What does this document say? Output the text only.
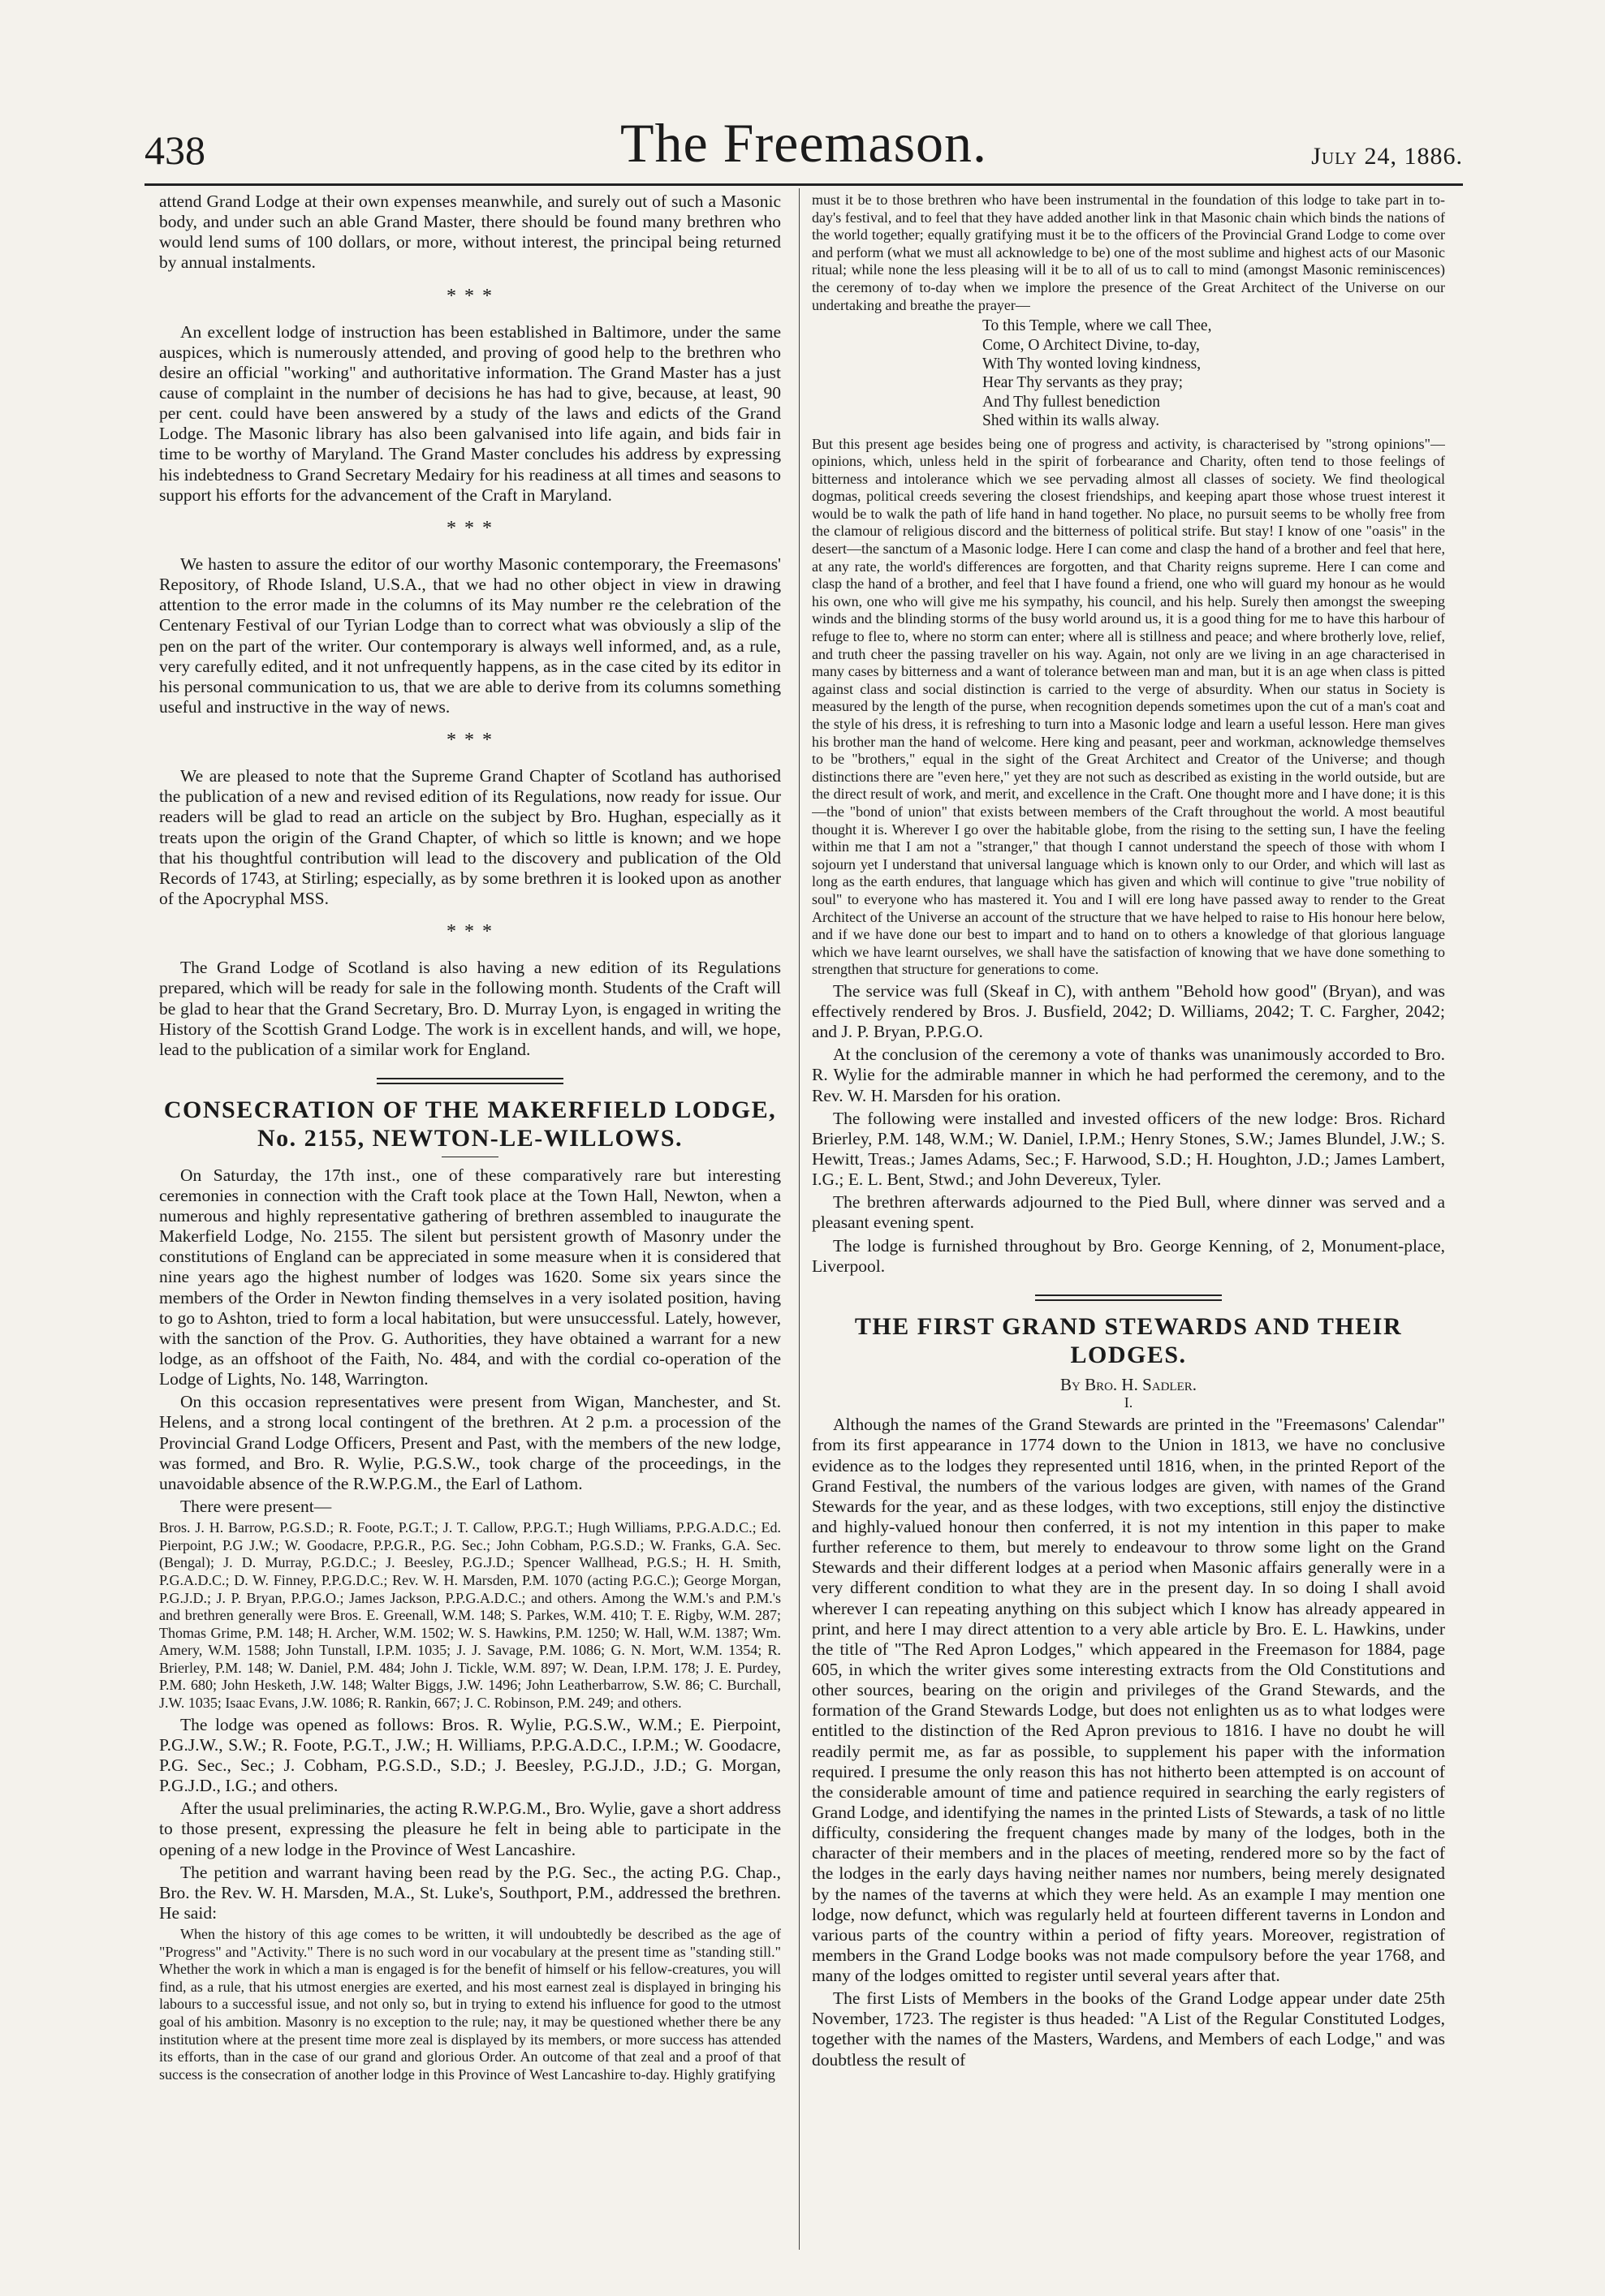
438	The Freemason.	July 24, 1886.

attend Grand Lodge at their own expenses meanwhile, and surely out of such a Masonic body, and under such an able Grand Master, there should be found many brethren who would lend sums of 100 dollars, or more, without interest, the principal being returned by annual instalments.

* * *

An excellent lodge of instruction has been established in Baltimore, under the same auspices, which is numerously attended, and proving of good help to the brethren who desire an official "working" and authoritative information. The Grand Master has a just cause of complaint in the number of decisions he has had to give, because, at least, 90 per cent. could have been answered by a study of the laws and edicts of the Grand Lodge. The Masonic library has also been galvanised into life again, and bids fair in time to be worthy of Maryland. The Grand Master concludes his address by expressing his indebtedness to Grand Secretary Medairy for his readiness at all times and seasons to support his efforts for the advancement of the Craft in Maryland.

* * *

We hasten to assure the editor of our worthy Masonic contemporary, the Freemasons' Repository, of Rhode Island, U.S.A., that we had no other object in view in drawing attention to the error made in the columns of its May number re the celebration of the Centenary Festival of our Tyrian Lodge than to correct what was obviously a slip of the pen on the part of the writer. Our contemporary is always well informed, and, as a rule, very carefully edited, and it not unfrequently happens, as in the case cited by its editor in his personal communication to us, that we are able to derive from its columns something useful and instructive in the way of news.

* * *

We are pleased to note that the Supreme Grand Chapter of Scotland has authorised the publication of a new and revised edition of its Regulations, now ready for issue. Our readers will be glad to read an article on the subject by Bro. Hughan, especially as it treats upon the origin of the Grand Chapter, of which so little is known; and we hope that his thoughtful contribution will lead to the discovery and publication of the Old Records of 1743, at Stirling; especially, as by some brethren it is looked upon as another of the Apocryphal MSS.

* * *

The Grand Lodge of Scotland is also having a new edition of its Regulations prepared, which will be ready for sale in the following month. Students of the Craft will be glad to hear that the Grand Secretary, Bro. D. Murray Lyon, is engaged in writing the History of the Scottish Grand Lodge. The work is in excellent hands, and will, we hope, lead to the publication of a similar work for England.

CONSECRATION OF THE MAKERFIELD LODGE,
No. 2155, NEWTON-LE-WILLOWS.

On Saturday, the 17th inst., one of these comparatively rare but interesting ceremonies in connection with the Craft took place at the Town Hall, Newton, when a numerous and highly representative gathering of brethren assembled to inaugurate the Makerfield Lodge, No. 2155. The silent but persistent growth of Masonry under the constitutions of England can be appreciated in some measure when it is considered that nine years ago the highest number of lodges was 1620. Some six years since the members of the Order in Newton finding themselves in a very isolated position, having to go to Ashton, tried to form a local habitation, but were unsuccessful. Lately, however, with the sanction of the Prov. G. Authorities, they have obtained a warrant for a new lodge, as an offshoot of the Faith, No. 484, and with the cordial co-operation of the Lodge of Lights, No. 148, Warrington.

On this occasion representatives were present from Wigan, Manchester, and St. Helens, and a strong local contingent of the brethren. At 2 p.m. a procession of the Provincial Grand Lodge Officers, Present and Past, with the members of the new lodge, was formed, and Bro. R. Wylie, P.G.S.W., took charge of the proceedings, in the unavoidable absence of the R.W.P.G.M., the Earl of Lathom.

There were present—

Bros. J. H. Barrow, P.G.S.D.; R. Foote, P.G.T.; J. T. Callow, P.P.G.T.; Hugh Williams, P.P.G.A.D.C.; Ed. Pierpoint, P.G J.W.; W. Goodacre, P.P.G.R., P.G. Sec.; John Cobham, P.G.S.D.; W. Franks, G.A. Sec. (Bengal); J. D. Murray, P.G.D.C.; J. Beesley, P.G.J.D.; Spencer Wallhead, P.G.S.; H. H. Smith, P.G.A.D.C.; D. W. Finney, P.P.G.D.C.; Rev. W. H. Marsden, P.M. 1070 (acting P.G.C.); George Morgan, P.G.J.D.; J. P. Bryan, P.P.G.O.; James Jackson, P.P.G.A.D.C.; and others. Among the W.M.'s and P.M.'s and brethren generally were Bros. E. Greenall, W.M. 148; S. Parkes, W.M. 410; T. E. Rigby, W.M. 287; Thomas Grime, P.M. 148; H. Archer, W.M. 1502; W. S. Hawkins, P.M. 1250; W. Hall, W.M. 1387; Wm. Amery, W.M. 1588; John Tunstall, I.P.M. 1035; J. J. Savage, P.M. 1086; G. N. Mort, W.M. 1354; R. Brierley, P.M. 148; W. Daniel, P.M. 484; John J. Tickle, W.M. 897; W. Dean, I.P.M. 178; J. E. Purdey, P.M. 680; John Hesketh, J.W. 148; Walter Biggs, J.W. 1496; John Leatherbarrow, S.W. 86; C. Burchall, J.W. 1035; Isaac Evans, J.W. 1086; R. Rankin, 667; J. C. Robinson, P.M. 249; and others.

The lodge was opened as follows: Bros. R. Wylie, P.G.S.W., W.M.; E. Pierpoint, P.G.J.W., S.W.; R. Foote, P.G.T., J.W.; H. Williams, P.P.G.A.D.C., I.P.M.; W. Goodacre, P.G. Sec., Sec.; J. Cobham, P.G.S.D., S.D.; J. Beesley, P.G.J.D., J.D.; G. Morgan, P.G.J.D., I.G.; and others.

After the usual preliminaries, the acting R.W.P.G.M., Bro. Wylie, gave a short address to those present, expressing the pleasure he felt in being able to participate in the opening of a new lodge in the Province of West Lancashire.

The petition and warrant having been read by the P.G. Sec., the acting P.G. Chap., Bro. the Rev. W. H. Marsden, M.A., St. Luke's, Southport, P.M., addressed the brethren. He said:

When the history of this age comes to be written, it will undoubtedly be described as the age of "Progress" and "Activity." There is no such word in our vocabulary at the present time as "standing still." Whether the work in which a man is engaged is for the benefit of himself or his fellow-creatures, you will find, as a rule, that his utmost energies are exerted, and his most earnest zeal is displayed in bringing his labours to a successful issue, and not only so, but in trying to extend his influence for good to the utmost goal of his ambition. Masonry is no exception to the rule; nay, it may be questioned whether there be any institution where at the present time more zeal is displayed by its members, or more success has attended its efforts, than in the case of our grand and glorious Order. An outcome of that zeal and a proof of that success is the consecration of another lodge in this Province of West Lancashire to-day. Highly gratifying

must it be to those brethren who have been instrumental in the foundation of this lodge to take part in to-day's festival, and to feel that they have added another link in that Masonic chain which binds the nations of the world together; equally gratifying must it be to the officers of the Provincial Grand Lodge to come over and perform (what we must all acknowledge to be) one of the most sublime and highest acts of our Masonic ritual; while none the less pleasing will it be to all of us to call to mind (amongst Masonic reminiscences) the ceremony of to-day when we implore the presence of the Great Architect of the Universe on our undertaking and breathe the prayer—

To this Temple, where we call Thee,
Come, O Architect Divine, to-day,
With Thy wonted loving kindness,
Hear Thy servants as they pray;
And Thy fullest benediction
Shed within its walls alway.

But this present age besides being one of progress and activity, is characterised by "strong opinions"—opinions, which, unless held in the spirit of forbearance and Charity, often tend to those feelings of bitterness and intolerance which we see pervading almost all classes of society. We find theological dogmas, political creeds severing the closest friendships, and keeping apart those whose truest interest it would be to walk the path of life hand in hand together. No place, no pursuit seems to be wholly free from the clamour of religious discord and the bitterness of political strife. But stay! I know of one "oasis" in the desert—the sanctum of a Masonic lodge. Here I can come and clasp the hand of a brother and feel that here, at any rate, the world's differences are forgotten, and that Charity reigns supreme. Here I can come and clasp the hand of a brother, and feel that I have found a friend, one who will guard my honour as he would his own, one who will give me his sympathy, his council, and his help. Surely then amongst the sweeping winds and the blinding storms of the busy world around us, it is a good thing for me to have this harbour of refuge to flee to, where no storm can enter; where all is stillness and peace; and where brotherly love, relief, and truth cheer the passing traveller on his way. Again, not only are we living in an age characterised in many cases by bitterness and a want of tolerance between man and man, but it is an age when class is pitted against class and social distinction is carried to the verge of absurdity. When our status in Society is measured by the length of the purse, when recognition depends sometimes upon the cut of a man's coat and the style of his dress, it is refreshing to turn into a Masonic lodge and learn a useful lesson. Here man gives his brother man the hand of welcome. Here king and peasant, peer and workman, acknowledge themselves to be "brothers," equal in the sight of the Great Architect and Creator of the Universe; and though distinctions there are "even here," yet they are not such as described as existing in the world outside, but are the direct result of work, and merit, and excellence in the Craft. One thought more and I have done; it is this—the "bond of union" that exists between members of the Craft throughout the world. A most beautiful thought it is. Wherever I go over the habitable globe, from the rising to the setting sun, I have the feeling within me that I am not a "stranger," that though I cannot understand the speech of those with whom I sojourn yet I understand that universal language which is known only to our Order, and which will last as long as the earth endures, that language which has given and which will continue to give "true nobility of soul" to everyone who has mastered it. You and I will ere long have passed away to render to the Great Architect of the Universe an account of the structure that we have helped to raise to His honour here below, and if we have done our best to impart and to hand on to others a knowledge of that glorious language which we have learnt ourselves, we shall have the satisfaction of knowing that we have done something to strengthen that structure for generations to come.

The service was full (Skeaf in C), with anthem "Behold how good" (Bryan), and was effectively rendered by Bros. J. Busfield, 2042; D. Williams, 2042; T. C. Fargher, 2042; and J. P. Bryan, P.P.G.O.

At the conclusion of the ceremony a vote of thanks was unanimously accorded to Bro. R. Wylie for the admirable manner in which he had performed the ceremony, and to the Rev. W. H. Marsden for his oration.

The following were installed and invested officers of the new lodge: Bros. Richard Brierley, P.M. 148, W.M.; W. Daniel, I.P.M.; Henry Stones, S.W.; James Blundel, J.W.; S. Hewitt, Treas.; James Adams, Sec.; F. Harwood, S.D.; H. Houghton, J.D.; James Lambert, I.G.; E. L. Bent, Stwd.; and John Devereux, Tyler.

The brethren afterwards adjourned to the Pied Bull, where dinner was served and a pleasant evening spent.

The lodge is furnished throughout by Bro. George Kenning, of 2, Monument-place, Liverpool.

THE FIRST GRAND STEWARDS AND THEIR LODGES.
By Bro. H. Sadler.
I.

Although the names of the Grand Stewards are printed in the "Freemasons' Calendar" from its first appearance in 1774 down to the Union in 1813, we have no conclusive evidence as to the lodges they represented until 1816, when, in the printed Report of the Grand Festival, the numbers of the various lodges are given, with names of the Grand Stewards for the year, and as these lodges, with two exceptions, still enjoy the distinctive and highly-valued honour then conferred, it is not my intention in this paper to make further reference to them, but merely to endeavour to throw some light on the Grand Stewards and their different lodges at a period when Masonic affairs generally were in a very different condition to what they are in the present day. In so doing I shall avoid wherever I can repeating anything on this subject which I know has already appeared in print, and here I may direct attention to a very able article by Bro. E. L. Hawkins, under the title of "The Red Apron Lodges," which appeared in the Freemason for 1884, page 605, in which the writer gives some interesting extracts from the Old Constitutions and other sources, bearing on the origin and privileges of the Grand Stewards, and the formation of the Grand Stewards Lodge, but does not enlighten us as to what lodges were entitled to the distinction of the Red Apron previous to 1816. I have no doubt he will readily permit me, as far as possible, to supplement his paper with the information required. I presume the only reason this has not hitherto been attempted is on account of the considerable amount of time and patience required in searching the early registers of Grand Lodge, and identifying the names in the printed Lists of Stewards, a task of no little difficulty, considering the frequent changes made by many of the lodges, both in the character of their members and in the places of meeting, rendered more so by the fact of the lodges in the early days having neither names nor numbers, being merely designated by the names of the taverns at which they were held. As an example I may mention one lodge, now defunct, which was regularly held at fourteen different taverns in London and various parts of the country within a period of fifty years. Moreover, registration of members in the Grand Lodge books was not made compulsory before the year 1768, and many of the lodges omitted to register until several years after that.

The first Lists of Members in the books of the Grand Lodge appear under date 25th November, 1723. The register is thus headed: "A List of the Regular Constituted Lodges, together with the names of the Masters, Wardens, and Members of each Lodge," and was doubtless the result of
